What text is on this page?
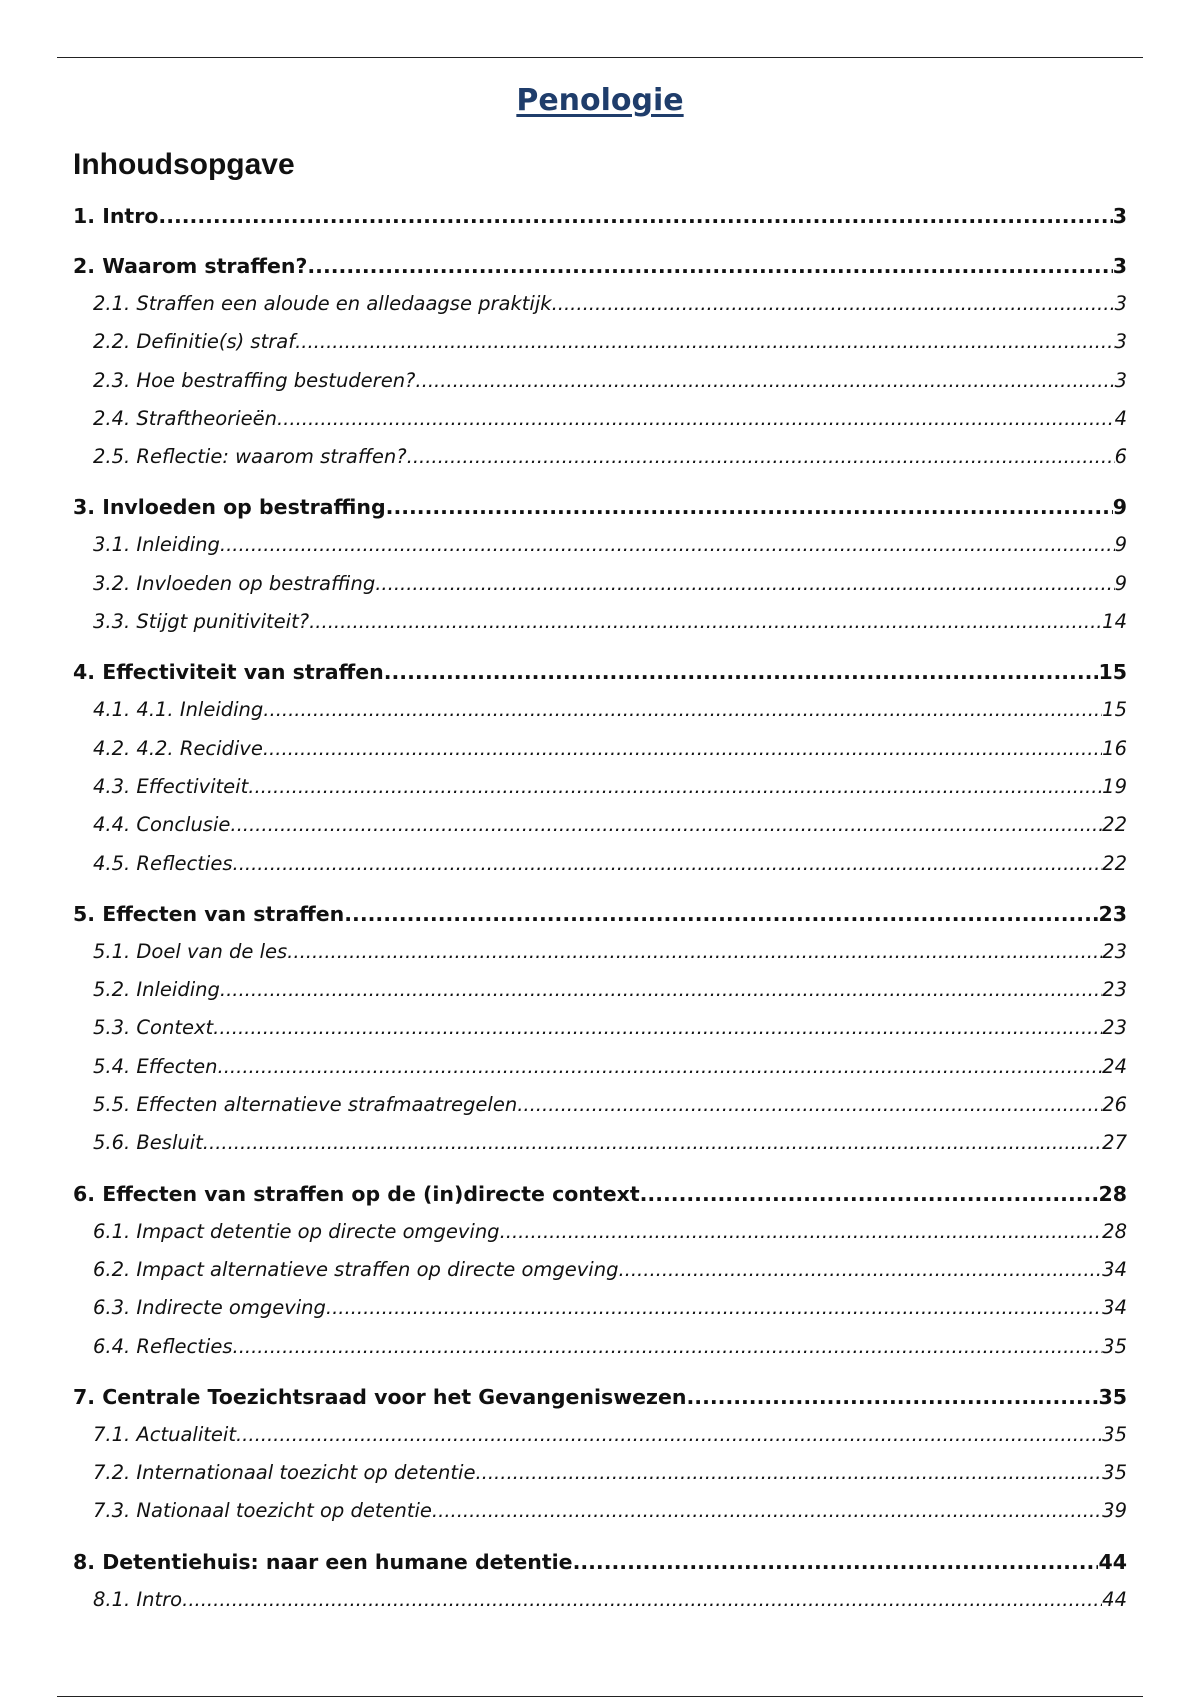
Penologie
Inhoudsopgave
1. Intro .....	3
2. Waarom straffen? .....	3
2.1. Straffen een aloude en alledaagse praktijk .....	3
2.2. Definitie(s) straf .....	3
2.3. Hoe bestraffing bestuderen? .....	3
2.4. Straftheorieën .....	4
2.5. Reflectie: waarom straffen? .....	6
3. Invloeden op bestraffing .....	9
3.1. Inleiding .....	9
3.2. Invloeden op bestraffing .....	9
3.3. Stijgt punitiviteit? .....	14
4. Effectiviteit van straffen .....	15
4.1. 4.1. Inleiding .....	15
4.2. 4.2. Recidive .....	16
4.3. Effectiviteit .....	19
4.4. Conclusie .....	22
4.5. Reflecties .....	22
5. Effecten van straffen .....	23
5.1. Doel van de les .....	23
5.2. Inleiding .....	23
5.3. Context .....	23
5.4. Effecten .....	24
5.5. Effecten alternatieve strafmaatregelen .....	26
5.6. Besluit .....	27
6. Effecten van straffen op de (in)directe context .....	28
6.1. Impact detentie op directe omgeving .....	28
6.2. Impact alternatieve straffen op directe omgeving .....	34
6.3. Indirecte omgeving .....	34
6.4. Reflecties .....	35
7. Centrale Toezichtsraad voor het Gevangeniswezen .....	35
7.1. Actualiteit .....	35
7.2. Internationaal toezicht op detentie .....	35
7.3. Nationaal toezicht op detentie .....	39
8. Detentiehuis: naar een humane detentie .....	44
8.1. Intro .....	44
